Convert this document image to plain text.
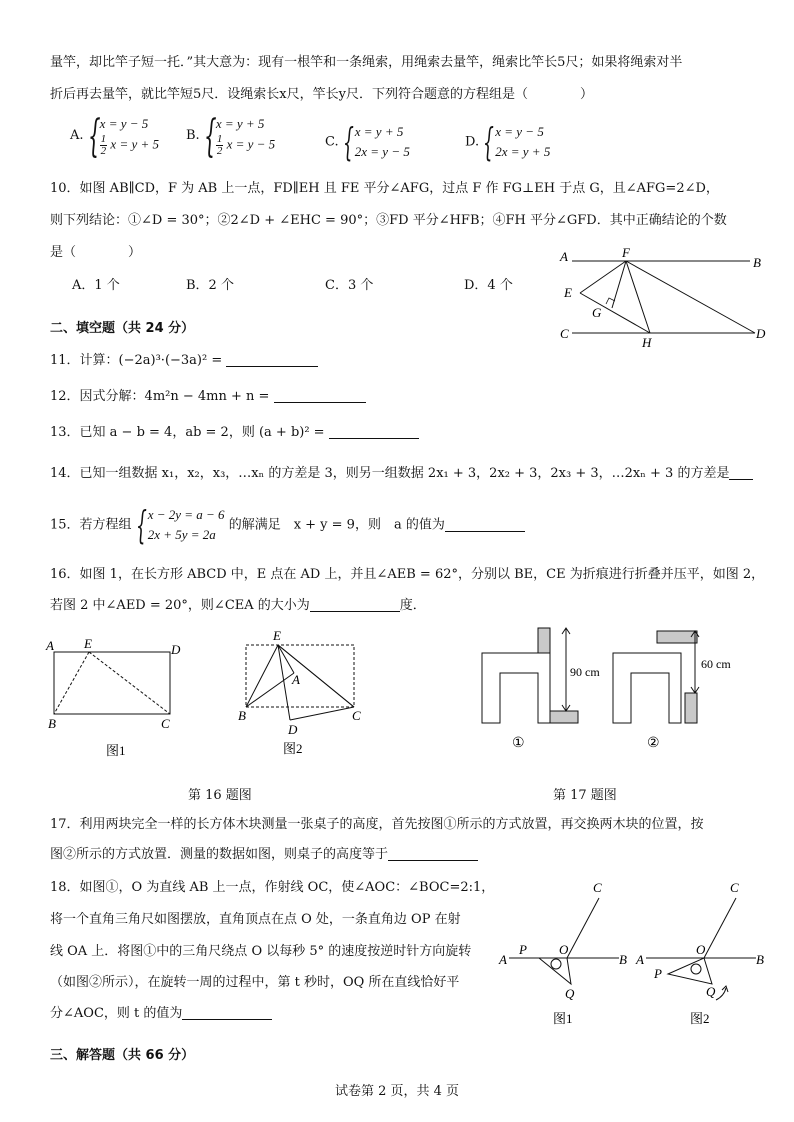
量竿，却比竿子短一托．”其大意为：现有一根竿和一条绳索，用绳索去量竿，绳索比竿长5尺；如果将绳索对半
折后再去量竿，就比竿短5尺．设绳索长x尺，竿长y尺．下列符合题意的方程组是（　　　　）
A. { x = y − 5
$\frac{1}{2}$ x = y + 5
B. { x = y + 5
$\frac{1}{2}$ x = y − 5	C. { x = y + 5
2x = y − 5
D. { x = y − 5
2x = y + 5
10．如图 AB∥CD，F 为 AB 上一点，FD∥EH 且 FE 平分∠AFG，过点 F 作 FG⊥EH 于点 G，且∠AFG=2∠D，
则下列结论：①∠D = 30°；②2∠D + ∠EHC = 90°；③FD 平分∠HFB；④FH 平分∠GFD．其中正确结论的个数
是（　　　　）
A．1 个	B．2 个	C．3 个	D．4 个
A	B
C	D
E
F
G
H
二、填空题（共 24 分）
11．计算：(−2a)³·(−3a)² =
12．因式分解：4m²n − 4mn + n =
13．已知 a − b = 4，ab = 2，则 (a + b)² =
14．已知一组数据 x₁，x₂，x₃，…xₙ 的方差是 3，则另一组数据 2x₁ + 3，2x₂ + 3，2x₃ + 3，…2xₙ + 3 的方差是
15．若方程组 { x − 2y = a − 6
2x + 5y = 2a
的解满足　x + y = 9，则　a 的值为
16．如图 1，在长方形 ABCD 中，E 点在 AD 上，并且∠AEB = 62°，分别以 BE，CE 为折痕进行折叠并压平，如图 2，
若图 2 中∠AED = 20°，则∠CEA 的大小为	度．
A E	D
B	C
图1
E
A
B	C
D
图2
90 cm
①
60 cm
②
第 16 题图	第 17 题图
17．利用两块完全一样的长方体木块测量一张桌子的高度，首先按图①所示的方式放置，再交换两木块的位置，按
图②所示的方式放置．测量的数据如图，则桌子的高度等于
18．如图①，O 为直线 AB 上一点，作射线 OC，使∠AOC：∠BOC=2:1，
将一个直角三角尺如图摆放，直角顶点在点 O 处，一条直角边 OP 在射
线 OA 上．将图①中的三角尺绕点 O 以每秒 5° 的速度按逆时针方向旋转
（如图②所示），在旋转一周的过程中，第 t 秒时，OQ 所在直线恰好平
分∠AOC，则 t 的值为
A	B
C
O
P
Q
图1
A	B
C
O
P
Q
图2
三、解答题（共 66 分）
试卷第 2 页，共 4 页
